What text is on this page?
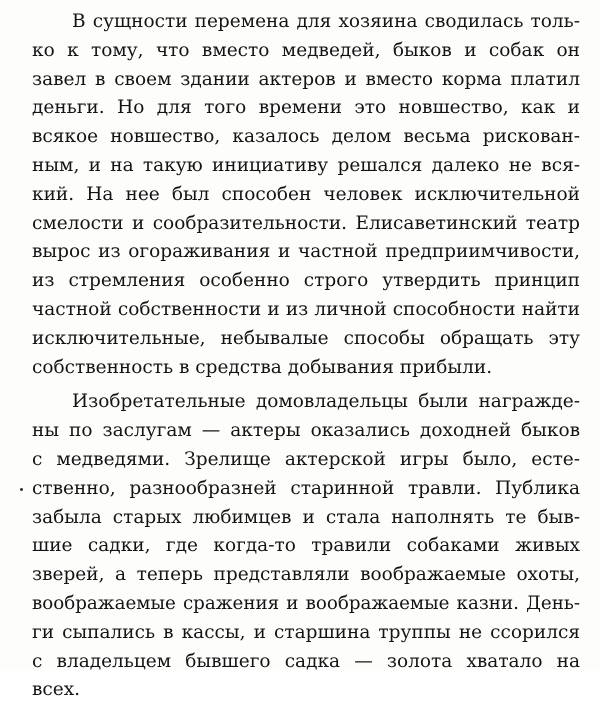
В сущности перемена для хозяина сводилась толь-
ко к тому, что вместо медведей, быков и собак он
завел в своем здании актеров и вместо корма платил
деньги. Но для того времени это новшество, как и
всякое новшество, казалось делом весьма рискован-
ным, и на такую инициативу решался далеко не вся-
кий. На нее был способен человек исключительной
смелости и сообразительности. Елисаветинский театр
вырос из огораживания и частной предприимчивости,
из стремления особенно строго утвердить принцип
частной собственности и из личной способности найти
исключительные, небывалые способы обращать эту
собственность в средства добывания прибыли.
Изобретательные домовладельцы были награжде-
ны по заслугам — актеры оказались доходней быков
с медведями. Зрелище актерской игры было, есте-
ственно, разнообразней старинной травли. Публика
забыла старых любимцев и стала наполнять те быв-
шие садки, где когда-то травили собаками живых
зверей, а теперь представляли воображаемые охоты,
воображаемые сражения и воображаемые казни. День-
ги сыпались в кассы, и старшина труппы не ссорился
с владельцем бывшего садка — золота хватало на
всех.
